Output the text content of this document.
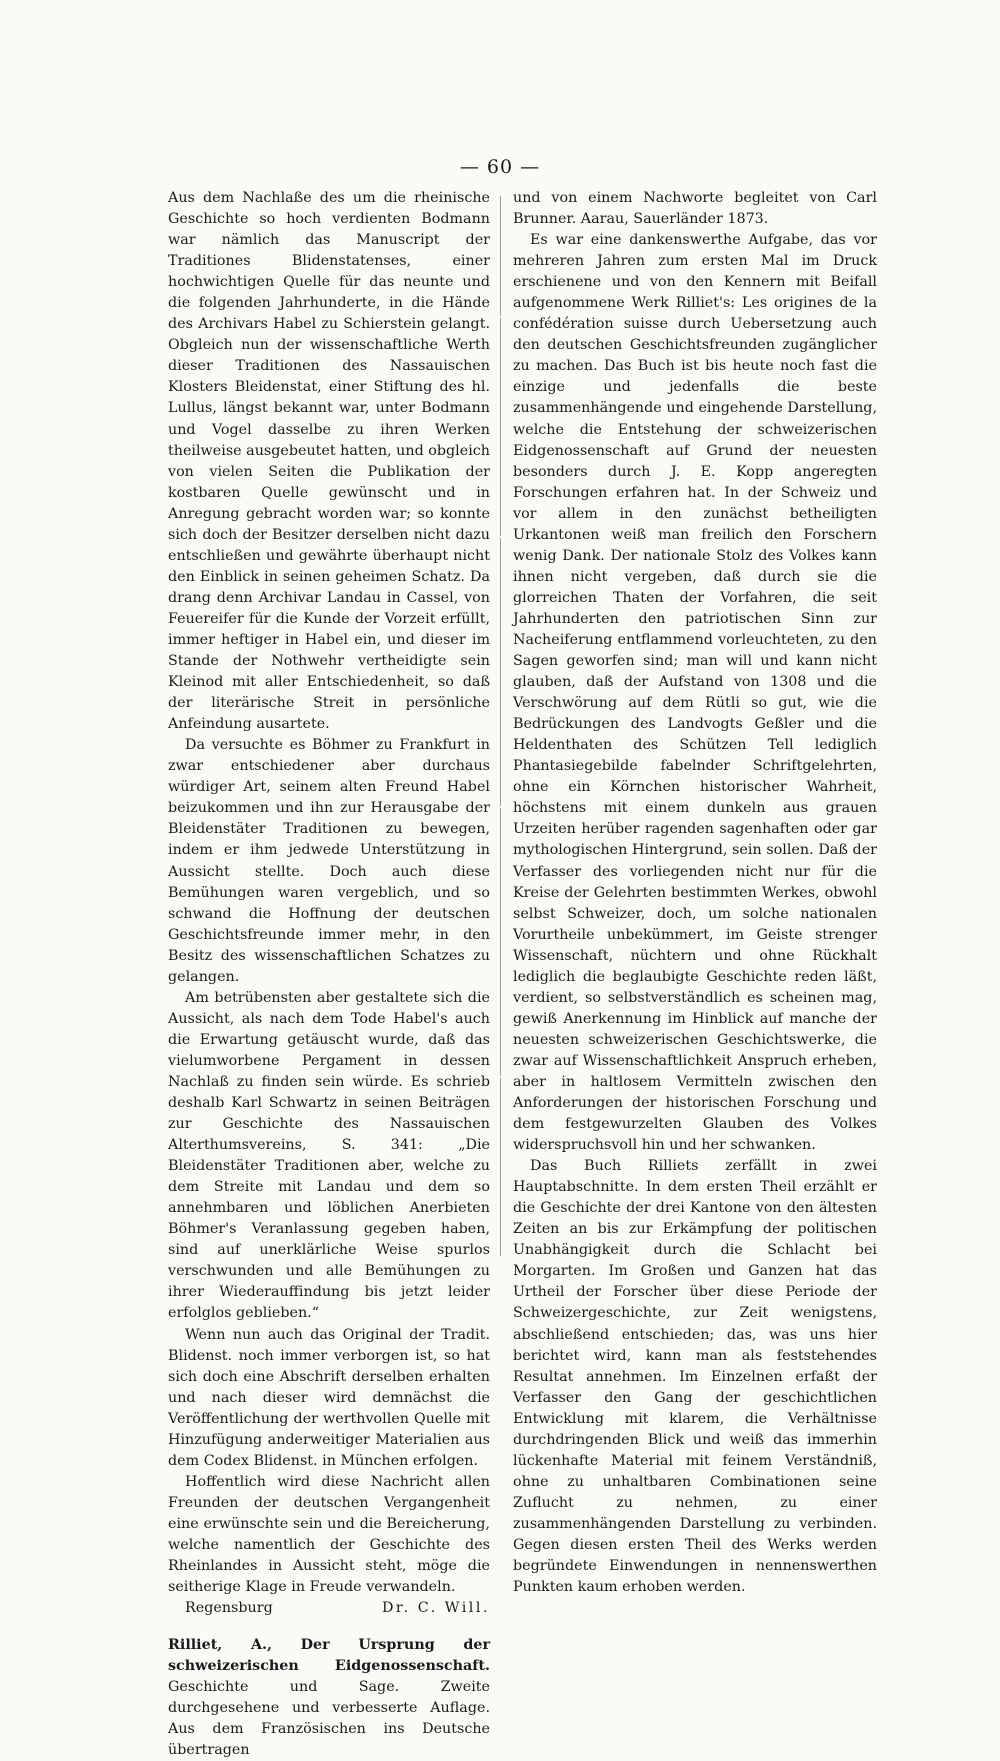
— 60 —

Aus dem Nachlaße des um die rheinische Geschichte so hoch verdienten Bodmann war nämlich das Manuscript der Traditiones Blidenstatenses, einer hochwichtigen Quelle für das neunte und die folgenden Jahrhunderte, in die Hände des Archivars Habel zu Schierstein gelangt. Obgleich nun der wissenschaftliche Werth dieser Traditionen des Nassauischen Klosters Bleidenstat, einer Stiftung des hl. Lullus, längst bekannt war, unter Bodmann und Vogel dasselbe zu ihren Werken theilweise ausgebeutet hatten, und obgleich von vielen Seiten die Publikation der kostbaren Quelle gewünscht und in Anregung gebracht worden war; so konnte sich doch der Besitzer derselben nicht dazu entschließen und gewährte überhaupt nicht den Einblick in seinen geheimen Schatz. Da drang denn Archivar Landau in Cassel, von Feuereifer für die Kunde der Vorzeit erfüllt, immer heftiger in Habel ein, und dieser im Stande der Nothwehr vertheidigte sein Kleinod mit aller Entschiedenheit, so daß der literärische Streit in persönliche Anfeindung ausartete.

Da versuchte es Böhmer zu Frankfurt in zwar entschiedener aber durchaus würdiger Art, seinem alten Freund Habel beizukommen und ihn zur Herausgabe der Bleidenstäter Traditionen zu bewegen, indem er ihm jedwede Unterstützung in Aussicht stellte. Doch auch diese Bemühungen waren vergeblich, und so schwand die Hoffnung der deutschen Geschichtsfreunde immer mehr, in den Besitz des wissenschaftlichen Schatzes zu gelangen.

Am betrübensten aber gestaltete sich die Aussicht, als nach dem Tode Habel's auch die Erwartung getäuscht wurde, daß das vielumworbene Pergament in dessen Nachlaß zu finden sein würde. Es schrieb deshalb Karl Schwartz in seinen Beiträgen zur Geschichte des Nassauischen Alterthumsvereins, S. 341: „Die Bleidenstäter Traditionen aber, welche zu dem Streite mit Landau und dem so annehmbaren und löblichen Anerbieten Böhmer's Veranlassung gegeben haben, sind auf unerklärliche Weise spurlos verschwunden und alle Bemühungen zu ihrer Wiederauffindung bis jetzt leider erfolglos geblieben.“

Wenn nun auch das Original der Tradit. Blidenst. noch immer verborgen ist, so hat sich doch eine Abschrift derselben erhalten und nach dieser wird demnächst die Veröffentlichung der werthvollen Quelle mit Hinzufügung anderweitiger Materialien aus dem Codex Blidenst. in München erfolgen.

Hoffentlich wird diese Nachricht allen Freunden der deutschen Vergangenheit eine erwünschte sein und die Bereicherung, welche namentlich der Geschichte des Rheinlandes in Aussicht steht, möge die seitherige Klage in Freude verwandeln.

Regensburg	Dr. C. Will.

Rilliet, A., Der Ursprung der schweizerischen Eidgenossenschaft. Geschichte und Sage. Zweite durchgesehene und verbesserte Auflage. Aus dem Französischen ins Deutsche übertragen

und von einem Nachworte begleitet von Carl Brunner. Aarau, Sauerländer 1873.

Es war eine dankenswerthe Aufgabe, das vor mehreren Jahren zum ersten Mal im Druck erschienene und von den Kennern mit Beifall aufgenommene Werk Rilliet's: Les origines de la confédération suisse durch Uebersetzung auch den deutschen Geschichtsfreunden zugänglicher zu machen. Das Buch ist bis heute noch fast die einzige und jedenfalls die beste zusammenhängende und eingehende Darstellung, welche die Entstehung der schweizerischen Eidgenossenschaft auf Grund der neuesten besonders durch J. E. Kopp angeregten Forschungen erfahren hat. In der Schweiz und vor allem in den zunächst betheiligten Urkantonen weiß man freilich den Forschern wenig Dank. Der nationale Stolz des Volkes kann ihnen nicht vergeben, daß durch sie die glorreichen Thaten der Vorfahren, die seit Jahrhunderten den patriotischen Sinn zur Nacheiferung entflammend vorleuchteten, zu den Sagen geworfen sind; man will und kann nicht glauben, daß der Aufstand von 1308 und die Verschwörung auf dem Rütli so gut, wie die Bedrückungen des Landvogts Geßler und die Heldenthaten des Schützen Tell lediglich Phantasiegebilde fabelnder Schriftgelehrten, ohne ein Körnchen historischer Wahrheit, höchstens mit einem dunkeln aus grauen Urzeiten herüber ragenden sagenhaften oder gar mythologischen Hintergrund, sein sollen. Daß der Verfasser des vorliegenden nicht nur für die Kreise der Gelehrten bestimmten Werkes, obwohl selbst Schweizer, doch, um solche nationalen Vorurtheile unbekümmert, im Geiste strenger Wissenschaft, nüchtern und ohne Rückhalt lediglich die beglaubigte Geschichte reden läßt, verdient, so selbstverständlich es scheinen mag, gewiß Anerkennung im Hinblick auf manche der neuesten schweizerischen Geschichtswerke, die zwar auf Wissenschaftlichkeit Anspruch erheben, aber in haltlosem Vermitteln zwischen den Anforderungen der historischen Forschung und dem festgewurzelten Glauben des Volkes widerspruchsvoll hin und her schwanken.

Das Buch Rilliets zerfällt in zwei Hauptabschnitte. In dem ersten Theil erzählt er die Geschichte der drei Kantone von den ältesten Zeiten an bis zur Erkämpfung der politischen Unabhängigkeit durch die Schlacht bei Morgarten. Im Großen und Ganzen hat das Urtheil der Forscher über diese Periode der Schweizergeschichte, zur Zeit wenigstens, abschließend entschieden; das, was uns hier berichtet wird, kann man als feststehendes Resultat annehmen. Im Einzelnen erfaßt der Verfasser den Gang der geschichtlichen Entwicklung mit klarem, die Verhältnisse durchdringenden Blick und weiß das immerhin lückenhafte Material mit feinem Verständniß, ohne zu unhaltbaren Combinationen seine Zuflucht zu nehmen, zu einer zusammenhängenden Darstellung zu verbinden. Gegen diesen ersten Theil des Werks werden begründete Einwendungen in nennenswerthen Punkten kaum erhoben werden.
